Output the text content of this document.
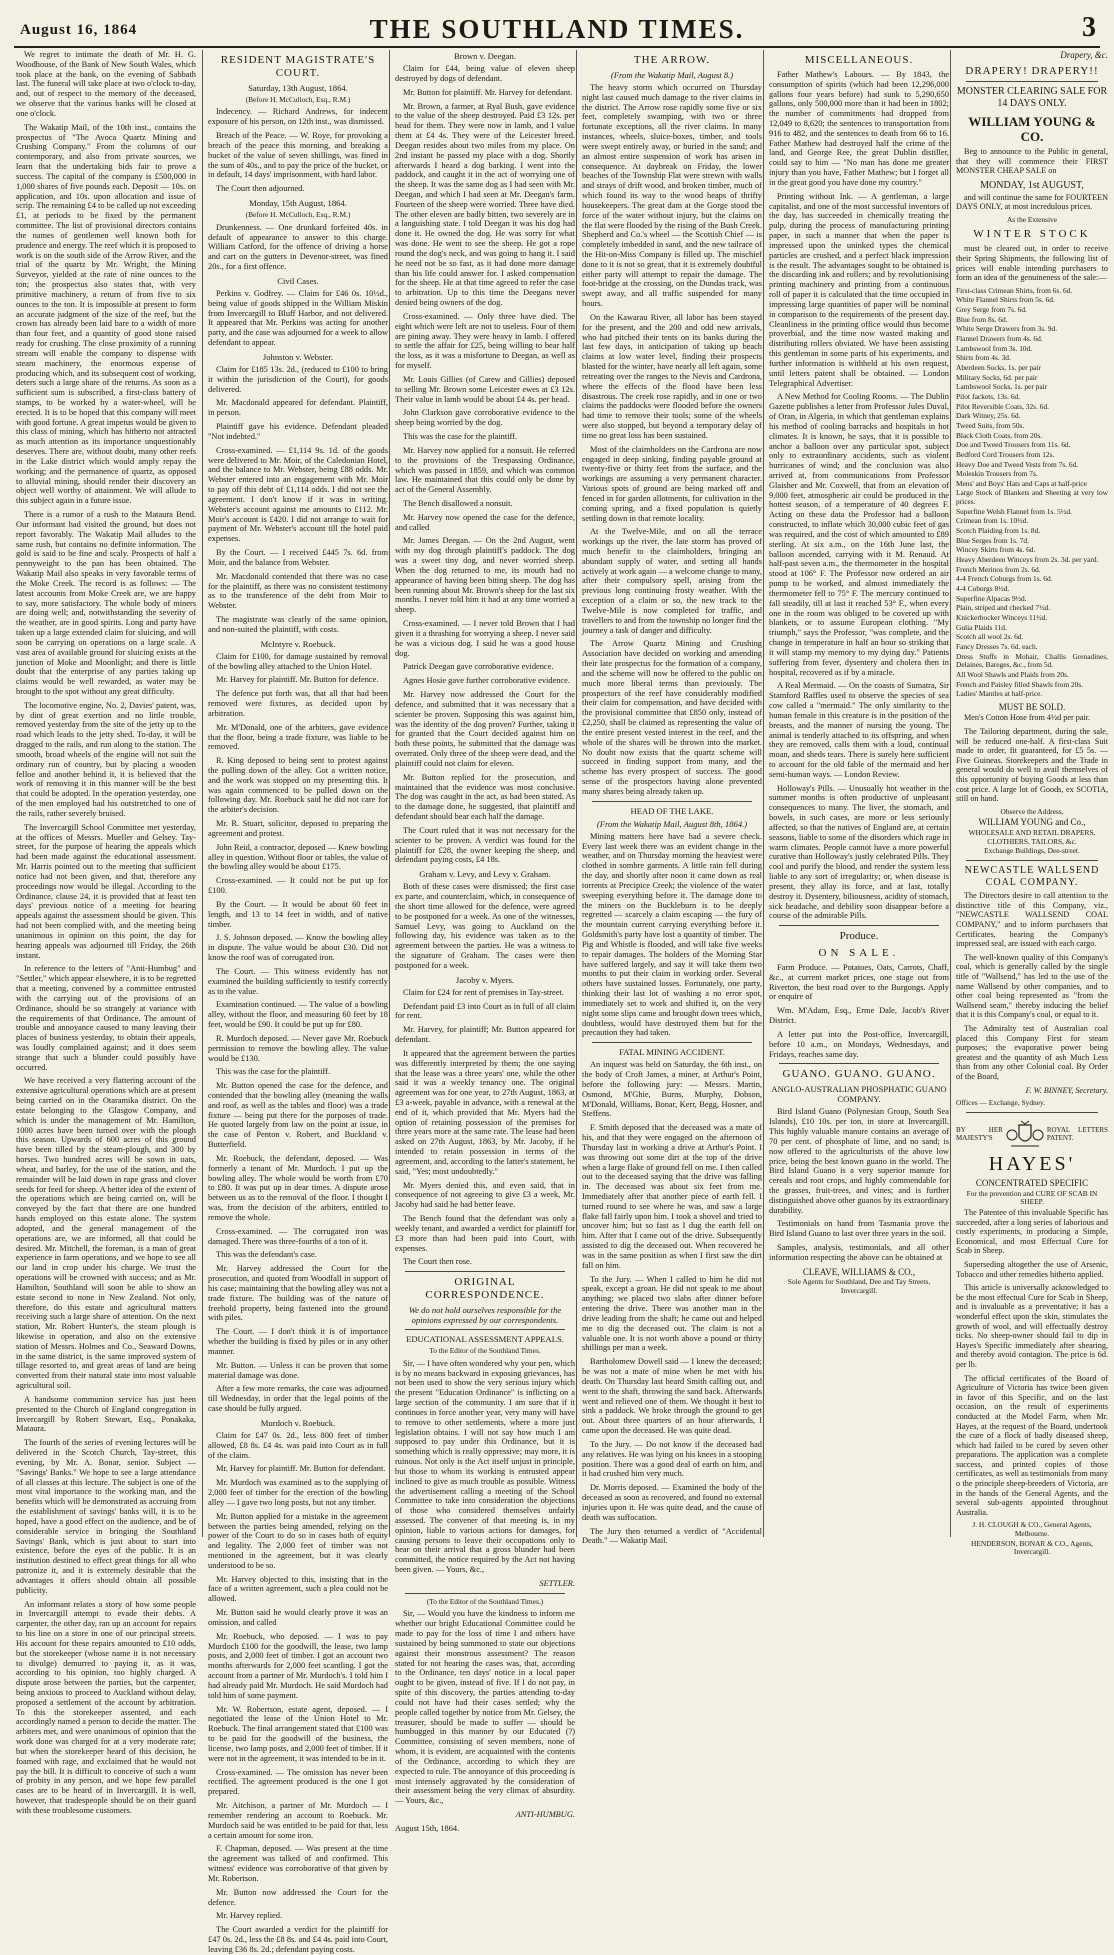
August 16, 1864	THE SOUTHLAND TIMES.	3

We regret to intimate the death of Mr. H. G. Woodhouse, of the Bank of New South Wales, which took place at the bank, on the evening of Sabbath last. The funeral will take place at two o'clock to-day, and, out of respect to the memory of the deceased, we observe that the various banks will be closed at one o'clock.

The Wakatip Mail, of the 10th inst., contains the prospectus of "The Avoca Quartz Mining and Crushing Company." From the columns of our contemporary, and also from private sources, we learn that the undertaking bids fair to prove a success. The capital of the company is £500,000 in 1,000 shares of five pounds each. Deposit — 10s. on application, and 10s. upon allocation and issue of scrip. The remaining £4 to be called up not exceeding £1, at periods to be fixed by the permanent committee. The list of provisional directors contains the names of gentlemen well known both for prudence and energy. The reef which it is proposed to work is on the south side of the Arrow River, and the trial of the quartz by Mr. Wright, the Mining Surveyor, yielded at the rate of nine ounces to the ton; the prospectus also states that, with very primitive machinery, a return of from five to six ounces to the ton. It is impossible at present to form an accurate judgment of the size of the reef, but the crown has already been laid bare to a width of more than four feet, and a quantity of good stone raised ready for crushing. The close proximity of a running stream will enable the company to dispense with steam machinery, the enormous expense of producing which, and its subsequent cost of working, deters such a large share of the returns. As soon as a sufficient sum is subscribed, a first-class battery of stamps, to be worked by a water-wheel, will be erected. It is to be hoped that this company will meet with good fortune. A great impetus would be given to this class of mining, which has hitherto not attracted as much attention as its importance unquestionably deserves. There are, without doubt, many other reefs in the Lake district which would amply repay the working; and the permanence of quartz, as opposed to alluvial mining, should render their discovery an object well worthy of attainment. We will allude to this subject again in a future issue.

There is a rumor of a rush to the Mataura Bend. Our informant had visited the ground, but does not report favorably. The Wakatip Mail alludes to the same rush, but contains no definite information. The gold is said to be fine and scaly. Prospects of half a pennyweight to the pan has been obtained. The Wakatip Mail also speaks in very favorable terms of the Moke Creek. The record is as follows: — The latest accounts from Moke Creek are, we are happy to say, more satisfactory. The whole body of miners are doing well; and, notwithstanding the severity of the weather, are in good spirits. Long and party have taken up a large extended claim for sluicing, and will soon be carrying on operations on a large scale. A vast area of available ground for sluicing exists at the junction of Moke and Moonlight; and there is little doubt that the enterprise of any parties taking up claims would be well rewarded, as water may be brought to the spot without any great difficulty.

The locomotive engine, No. 2, Davies' patent, was, by dint of great exertion and no little trouble, removed yesterday from the site of the jetty up to the road which leads to the jetty shed. To-day, it will be dragged to the rails, and run along to the station. The smooth, broad wheels of the engine will not suit the ordinary run of country, but by placing a wooden felloe and another behind it, it is believed that the work of removing it in this manner will be the best that could be adopted. In the operation yesterday, one of the men employed had his outstretched to one of the rails, rather severely bruised.

The Invercargill School Committee met yesterday, at the offices of Messrs. Mueller and Gelsey. Tay-street, for the purpose of hearing the appeals which had been made against the educational assessment. Mr. Harris pointed out to the meeting that sufficient notice had not been given, and that, therefore any proceedings now would be illegal. According to the Ordinance, clause 24, it is provided that at least ten days' previous notice of a meeting for hearing appeals against the assessment should be given. This had not been complied with, and the meeting being unanimous in opinion on this point, the day for hearing appeals was adjourned till Friday, the 26th instant.

In reference to the letters of "Anti-Humbug" and "Settler," which appear elsewhere, it is to be regretted that a meeting, convened by a committee entrusted with the carrying out of the provisions of an Ordinance, should be so strangely at variance with the requirements of that Ordinance. The amount of trouble and annoyance caused to many leaving their places of business yesterday, to obtain their appeals, was loudly complained against; and it does seem strange that such a blunder could possibly have occurred.

We have received a very flattering account of the extensive agricultural operations which are at present being carried on in the Otaramika district. On the estate belonging to the Glasgow Company, and which is under the management of Mr. Hamilton, 1000 acres have been turned over with the plough this season. Upwards of 600 acres of this ground have been tilled by the steam-plough, and 300 by horses. Two hundred acres will be sown in oats, wheat, and barley, for the use of the station, and the remainder will be laid down in rape grass and clover seeds for feed for sheep. A better idea of the extent of the operations which are being carried on, will be conveyed by the fact that there are one hundred hands employed on this estate alone. The system adopted, and the general management of the operations are, we are informed, all that could be desired. Mr. Mitchell, the foreman, is a man of great experience in farm operations, and we hope to see all our land in crop under his charge. We trust the operations will be crowned with success; and as Mr. Hamilton, Southland will soon be able to show an estate second to none in New Zealand. Not only, therefore, do this estate and agricultural matters receiving such a large share of attention. On the next station, Mr. Robert Hunter's, the steam plough is likewise in operation, and also on the extensive station of Messrs. Holmes and Co., Seaward Downs, in the same district, is the same improved system of tillage resorted to, and great areas of land are being converted from their natural state into most valuable agricultural soil.

A handsome communion service has just been presented to the Church of England congregation in Invercargill by Robert Stewart, Esq., Ponakaka, Mataura.

The fourth of the series of evening lectures will be delivered in the Scotch Church, Tay-street, this evening, by Mr. A. Bonar, senior. Subject — "Savings' Banks." We hope to see a large attendance of all classes at this lecture. The subject is one of the most vital importance to the working man, and the benefits which will be demonstrated as accruing from the establishment of savings' banks will, it is to be hoped, have a good effect on the audience, and be of considerable service in bringing the Southland Savings' Bank, which is just about to start into existence, before the eyes of the public. It is an institution destined to effect great things for all who patronize it, and it is extremely desirable that the advantages it offers should obtain all possible publicity.

An informant relates a story of how some people in Invercargill attempt to evade their debts. A carpenter, the other day, ran up an account for repairs to his line on a store in one of our principal streets. His account for these repairs amounted to £10 odds, but the storekeeper (whose name it is not necessary to divulge) demurred to paying it, as it was, according to his opinion, too highly charged. A dispute arose between the parties, but the carpenter, being anxious to proceed to Auckland without delay, proposed a settlement of the account by arbitration. To this the storekeeper assented, and each accordingly named a person to decide the matter. The arbiters met, and were unanimous of opinion that the work done was charged for at a very moderate rate; but when the storekeeper heard of this decision, he foamed with rage, and exclaimed that he would not pay the bill. It is difficult to conceive of such a want of probity in any person, and we hope few parallel cases are to be heard of in Invercargill. It is well, however, that tradespeople should be on their guard with these troublesome customers.

RESIDENT MAGISTRATE'S COURT.
Saturday, 13th August, 1864.
(Before H. McCulloch, Esq., R.M.)

Indecency. — Richard Andrews, for indecent exposure of his person, on 12th inst., was dismissed.

Breach of the Peace. — W. Roye, for provoking a breach of the peace this morning, and breaking a bucket of the value of seven shillings, was fined in the sum of 40s., and to pay the price of the bucket, or in default, 14 days' imprisonment, with hard labor.

The Court then adjourned.

Monday, 15th August, 1864.
(Before H. McCulloch, Esq., R.M.)

Drunkenness. — One drunkard forfeited 40s. in default of appearance to answer to this charge. William Catford, for the offence of driving a horse and cart on the gutters in Devenor-street, was fined 20s., for a first offence.

Civil Cases.

Perkins v. Godfrey. — Claim for £46 0s. 10½d., being value of goods shipped in the William Miskin from Invercargill to Bluff Harbor, and not delivered. It appeared that Mr. Perkins was acting for another party, and the case was adjourned for a week to allow defendant to appear.

Johnston v. Webster.

Claim for £185 13s. 2d., (reduced to £100 to bring it within the jurisdiction of the Court), for goods delivered.

Mr. Macdonald appeared for defendant. Plaintiff, in person.

Plaintiff gave his evidence. Defendant pleaded "Not indebted."

Cross-examined. — £1,114 9s. 1d. of the goods were delivered to Mr. Moir, of the Caledonian Hotel, and the balance to Mr. Webster, being £88 odds. Mr. Webster entered into an engagement with Mr. Moir to pay off this debt of £1,114 odds. I did not see the agreement. I don't know if it was in writing. Webster's account against me amounts to £112. Mr. Moir's account is £420. I did not arrange to wait for payment of Mr. Webster's account till the hotel paid expenses.

By the Court. — I received £445 7s. 6d. from Moir, and the balance from Webster.

Mr. Macdonald contended that there was no case for the plaintiff, as there was no consistent testimony as to the transference of the debt from Moir to Webster.

The magistrate was clearly of the same opinion, and non-suited the plaintiff, with costs.

McIntyre v. Roebuck.

Claim for £100, for damage sustained by removal of the bowling alley attached to the Union Hotel.

Mr. Harvey for plaintiff. Mr. Button for defence.

The defence put forth was, that all that had been removed were fixtures, as decided upon by arbitration.

Mr. M'Donald, one of the arbiters, gave evidence that the floor, being a trade fixture, was liable to be removed.

R. King deposed to being sent to protest against the pulling down of the alley. Got a written notice, and the work was stopped on my presenting this. It was again commenced to be pulled down on the following day. Mr. Roebuck said he did not care for the arbiter's decision.

Mr. R. Stuart, solicitor, deposed to preparing the agreement and protest.

John Reid, a contractor, deposed — Knew bowling alley in question. Without floor or tables, the value of the bowling alley would be about £175.

Cross-examined. — It could not be put up for £100.

By the Court. — It would be about 60 feet in length, and 13 to 14 feet in width, and of native timber.

J. S. Johnson deposed. — Know the bowling alley in dispute. The value would be about £30. Did not know the roof was of corrugated iron.

The Court. — This witness evidently has not examined the building sufficiently to testify correctly as to the value.

Examination continued. — The value of a bowling alley, without the floor, and measuring 60 feet by 18 feet, would be £90. It could be put up for £80.

R. Murdoch deposed. — Never gave Mr. Roebuck permission to remove the bowling alley. The value would be £130.

This was the case for the plaintiff.

Mr. Button opened the case for the defence, and contended that the bowling alley (meaning the walls and roof, as well as the tables and floor) was a trade fixture — being put there for the purposes of trade. He quoted largely from law on the point at issue, in the case of Penton v. Robert, and Buckland v. Butterfield.

Mr. Roebuck, the defendant, deposed. — Was formerly a tenant of Mr. Murdoch. I put up the bowling alley. The whole would be worth from £70 to £80. It was put up in dear times. A dispute arose between us as to the removal of the floor. I thought I was, from the decision of the arbiters, entitled to remove the whole.

Cross-examined. — The corrugated iron was damaged. There was three-fourths of a ton of it.

This was the defendant's case.

Mr. Harvey addressed the Court for the prosecution, and quoted from Woodfall in support of his case; maintaining that the bowling alley was not a trade fixture. The building was of the nature of freehold property, being fastened into the ground with piles.

The Court. — I don't think it is of importance whether the building is fixed by piles or in any other manner.

Mr. Button. — Unless it can be proven that some material damage was done.

After a few more remarks, the case was adjourned till Wednesday, in order that the legal points of the case should be fully argued.

Murdoch v. Roebuck.

Claim for £47 0s. 2d., less 800 feet of timber allowed, £8 8s. £4 4s. was paid into Court as in full of the claim.

Mr. Harvey for plaintiff. Mr. Button for defendant.

Mr. Murdoch was examined as to the supplying of 2,000 feet of timber for the erection of the bowling alley — I gave two long posts, but not any timber.

Mr. Button applied for a mistake in the agreement between the parties being amended, relying on the power of the Court to do so in cases both of equity and legality. The 2,000 feet of timber was not mentioned in the agreement, but it was clearly understood to be so.

Mr. Harvey objected to this, insisting that in the face of a written agreement, such a plea could not be allowed.

Mr. Button said he would clearly prove it was an omission, and called

Mr. Roebuck, who deposed. — I was to pay Murdoch £100 for the goodwill, the lease, two lamp posts, and 2,000 feet of timber. I got an account two months afterwards for 2,000 feet scantling. I got the account from a partner of Mr. Murdoch's. I told him I had already paid Mr. Murdoch. He said Murdoch had told him of some payment.

Mr. W. Robertson, estate agent, deposed. — I negotiated the lease of the Union Hotel to Mr. Roebuck. The final arrangement stated that £100 was to be paid for the goodwill of the business, the license, two lamp posts, and 2,000 feet of timber. If it were not in the agreement, it was intended to be in it.

Cross-examined. — The omission has never been rectified. The agreement produced is the one I got prepared.

Mr. Aitchison, a partner of Mr. Murdoch — I remember rendering an account to Roebuck. Mr. Murdoch said he was entitled to be paid for that, less a certain amount for some iron.

F. Chapman, deposed. — Was present at the time the agreement was talked of and confirmed. This witness' evidence was corroborative of that given by Mr. Robertson.

Mr. Button now addressed the Court for the defence.

Mr. Harvey replied.

The Court awarded a verdict for the plaintiff for £47 0s. 2d., less the £8 8s. and £4 4s. paid into Court, leaving £36 8s. 2d.; defendant paying costs.

Brown v. Deegan.

Claim for £44, being value of eleven sheep destroyed by dogs of defendant.

Mr. Button for plaintiff. Mr. Harvey for defendant.

Mr. Brown, a farmer, at Ryal Bush, gave evidence to the value of the sheep destroyed. Paid £3 12s. per head for them. They were now in lamb, and I value them at £4 4s. They were of the Leicester breed. Deegan resides about two miles from my place. On 2nd instant he passed my place with a dog. Shortly afterwards I heard a dog barking. I went into the paddock, and caught it in the act of worrying one of the sheep. It was the same dog as I had seen with Mr. Deegan, and which I had seen at Mr. Deegan's farm. Fourteen of the sheep were worried. Three have died. The other eleven are badly bitten, two severely are in a languishing state. I told Deegan it was his dog had done it. He owned the dog. He was sorry for what was done. He went to see the sheep. He got a rope round the dog's neck, and was going to hang it. I said he need not be so fast, as it had done more damage than his life could answer for. I asked compensation for the sheep. He at that time agreed to refer the case to arbitration. Up to this time the Deegans never denied being owners of the dog.

Cross-examined. — Only three have died. The eight which were left are not to useless. Four of them are pining away. They were heavy in lamb. I offered to settle the affair for £25, being willing to bear half the loss, as it was a misfortune to Deegan, as well as for myself.

Mr. Louis Gillies (of Carew and Gillies) deposed to selling Mr. Brown some Leicester ewes at £3 12s. Their value in lamb would be about £4 4s. per head.

John Clarkson gave corroborative evidence to the sheep being worried by the dog.

This was the case for the plaintiff.

Mr. Harvey now applied for a nonsuit. He referred to the provisions of the Trespassing Ordinance, which was passed in 1859, and which was common law. He maintained that this could only be done by act of the General Assembly.

The Bench disallowed a nonsuit.

Mr. Harvey now opened the case for the defence, and called

Mr. James Deegan. — On the 2nd August, went with my dog through plaintiff's paddock. The dog was a sweet tiny dog, and never worried sheep. When the dog returned to me, its mouth had no appearance of having been biting sheep. The dog has been running about Mr. Brown's sheep for the last six months. I never told him it had at any time worried a sheep.

Cross-examined. — I never told Brown that I had given it a thrashing for worrying a sheep. I never said he was a vicious dog. I said he was a good house dog.

Patrick Deegan gave corroborative evidence.

Agnes Hosie gave further corroborative evidence.

Mr. Harvey now addressed the Court for the defence, and submitted that it was necessary that a scienter be proven. Supposing this was against him, was the identity of the dog proven? Further, taking it for granted that the Court decided against him on both these points, he submitted that the damage was overrated. Only three of the sheep were dead, and the plaintiff could not claim for eleven.

Mr. Button replied for the prosecution, and maintained that the evidence was most conclusive. The dog was caught in the act, as had been stated. As to the damage done, he suggested, that plaintiff and defendant should bear each half the damage.

The Court ruled that it was not necessary for the scienter to be proven. A verdict was found for the plaintiff for £28, the owner keeping the sheep, and defendant paying costs, £4 18s.

Graham v. Levy, and Levy v. Graham.

Both of these cases were dismissed; the first case ex parte, and counterclaim, which, in consequence of the short time allowed for the defence, were agreed to be postponed for a week. As one of the witnesses, Samuel Levy, was going to Auckland on the following day, his evidence was taken as to the agreement between the parties. He was a witness to the signature of Graham. The cases were then postponed for a week.

Jacoby v. Myers.

Claim for £24 for rent of premises in Tay-street.

Defendant paid £3 into Court as in full of all claim for rent.

Mr. Harvey, for plaintiff; Mr. Button appeared for defendant.

It appeared that the agreement between the parties was differently interpreted by them; the one saying that the lease was a three years' one, while the other said it was a weekly tenancy one. The original agreement was for one year, to 27th August, 1863, at £3 a-week, payable in advance, with a renewal at the end of it, which provided that Mr. Myers had the option of retaining possession of the premises for three years more at the same rate. The lease had been asked on 27th August, 1863, by Mr. Jacoby, if he intended to retain possession in terms of the agreement, and, according to the latter's statement, he said, "Yes; most undoubtedly."

Mr. Myers denied this, and even said, that in consequence of not agreeing to give £3 a week, Mr. Jacoby had said he had better leave.

The Bench found that the defendant was only a weekly tenant, and awarded a verdict for plaintiff for £3 more than had been paid into Court, with expenses.

The Court then rose.

ORIGINAL CORRESPONDENCE.
We do not hold ourselves responsible for the opinions expressed by our correspondents.
EDUCATIONAL ASSESSMENT APPEALS.
To the Editor of the Southland Times.

Sir, — I have often wondered why your pen, which is by no means backward in exposing grievances, has not been used to show the very serious injury which the present "Education Ordinance" is inflicting on a large section of the community. I am sure that if it continues in force another year, very many will have to remove to other settlements, where a more just legislation obtains. I will not say how much I am supposed to pay under this Ordinance, but it is something which is really oppressive; may more, it is ruinous. Not only is the Act itself unjust in principle, but those to whom its working is entrusted appear inclined to give as much trouble as possible. Witness the advertisement calling a meeting of the School Committee to take into consideration the objections of those who considered themselves unfairly assessed. The convener of that meeting is, in my opinion, liable to various actions for damages, for causing persons to leave their occupations only to hear on their arrival that a gross blunder had been committed, the notice required by the Act not having been given. — Yours, &c.,

SETTLER.
(To the Editor of the Southland Times.)

Sir, — Would you have the kindness to inform me whether our bright Educational Committee could be made to pay for the loss of time I and others have sustained by being summoned to state our objections against their monstrous assessment? The reason stated for not hearing the cases was, that, according to the Ordinance, ten days' notice in a local paper ought to be given, instead of five. If I do not pay, in spite of this discovery, the parties attending to-day could not have had their cases settled; why the people called together by notice from Mr. Gelsey, the treasurer, should be made to suffer — should be humbugged in this manner by our Educated (?) Committee, consisting of seven members, none of whom, it is evident, are acquainted with the contents of the Ordinance, according to which they are expected to rule. The annoyance of this proceeding is most intensely aggravated by the consideration of their assessment being the very climax of absurdity. — Yours, &c.,

ANTI-HUMBUG.
August 15th, 1864.
THE ARROW.
(From the Wakatip Mail, August 8.)

The heavy storm which occurred on Thursday night last caused much damage to the river claims in the district. The Arrow rose rapidly some five or six feet, completely swamping, with two or three fortunate exceptions, all the river claims. In many instances, wheels, sluice-boxes, timber, and tools were swept entirely away, or buried in the sand; and an almost entire suspension of work has arisen in consequence. At daybreak on Friday, the lower beaches of the Township Flat were strewn with walls and strays of drift wood, and broken timber, much of which found its way to the wood heaps of thrifty housekeepers. The great dam at the Gorge stood the force of the water without injury, but the claims on the flat were flooded by the rising of the Bush Creek. Shepherd and Co.'s wheel — the Scottish Chief — is completely imbedded in sand, and the new tailrace of the Hit-on-Miss Company is filled up. The mischief done to it is not so great, that it is extremely doubtful either party will attempt to repair the damage. The foot-bridge at the crossing, on the Dundas track, was swept away, and all traffic suspended for many hours.

On the Kawarau River, all labor has been stayed for the present, and the 200 and odd new arrivals, who had pitched their tents on its banks during the last few days, in anticipation of taking up beach claims at low water level, finding their prospects blasted for the winter, have nearly all left again, some retreating over the ranges to the Nevis and Cardrona, where the effects of the flood have been less disastrous. The creek rose rapidly, and in one or two claims the paddocks were flooded before the owners had time to remove their tools; some of the wheels were also stopped, but beyond a temporary delay of time no great loss has been sustained.

Most of the claimholders on the Cardrona are now engaged in deep sinking, finding payable ground at twenty-five or thirty feet from the surface, and the workings are assuming a very permanent character. Various spots of ground are being marked off and fenced in for garden allotments, for cultivation in the coming spring, and a fixed population is quietly settling down in that remote locality.

At the Twelve-Mile, and on all the terrace workings up the river, the late storm has proved of much benefit to the claimholders, bringing an abundant supply of water, and setting all hands actively at work again — a welcome change to many, after their compulsory spell, arising from the previous long continuing frosty weather. With the exception of a claim or so, the new track to the Twelve-Mile is now completed for traffic, and travellers to and from the township no longer find the journey a task of danger and difficulty.

The Arrow Quartz Mining and Crushing Association have decided on working and amending their late prospectus for the formation of a company, and the scheme will now be offered to the public on much more liberal terms than previously. The prospectors of the reef have considerably modified their claim for compensation, and have decided with the provisional committee that £850 only, instead of £2,250, shall be claimed as representing the value of the entire present vested interest in the reef, and the whole of the shares will be thrown into the market. No doubt now exists that the quartz scheme will succeed in finding support from many, and the scheme has every prospect of success. The good sense of the prospectors having alone prevented many shares being already taken up.

HEAD OF THE LAKE.
(From the Wakatip Mail, August 8th, 1864.)

Mining matters here have had a severe check. Every last week there was an evident change in the weather, and on Thursday morning the heaviest were clothed in sombre garments. A little rain fell during the day, and shortly after noon it came down as real torrents at Precipice Creek; the violence of the water sweeping everything before it. The damage done to the miners on the Buckleburn is to be deeply regretted — scarcely a claim escaping — the fury of the mountain current carrying everything before it. Goldsmith's party have lost a quantity of timber. The Pig and Whistle is flooded, and will take five weeks to repair damages. The holders of the Morning Star have suffered largely, and say it will take them two months to put their claim in working order. Several others have sustained losses. Fortunately, one party, thinking their last lot of washing a no error spot, immediately set to work and shifted it, on the very night some slips came and brought down trees which, doubtless, would have destroyed them but for the precaution they had taken.

FATAL MINING ACCIDENT.

An inquest was held on Saturday, the 6th inst., on the body of Croft James, a miner, at Arthur's Point, before the following jury: — Messrs. Martin, Osmond, M'Ghie, Burns, Murphy, Dobson, M'Donald, Williams, Bonar, Kerr, Begg, Hosner, and Steffens.

F. Smith deposed that the deceased was a mate of his, and that they were engaged on the afternoon of Thursday last in working a drive at Arthur's Point. I was throwing out some dirt at the top of the drive when a large flake of ground fell on me. I then called out to the deceased saying that the drive was falling in. The deceased was about six feet from me. Immediately after that another piece of earth fell. I turned round to see where he was, and saw a large flake fall fairly upon him. I took a shovel and tried to uncover him; but so fast as I dug the earth fell on him. After that I came out of the drive. Subsequently assisted to dig the deceased out. When recovered he was in the same position as when I first saw the dirt fall on him.

To the Jury. — When I called to him he did not speak, except a groan. He did not speak to me about anything; we placed two slabs after dinner before entering the drive. There was another man in the drive leading from the shaft; he came out and helped me to dig the deceased out. The claim is not a valuable one. It is not worth above a pound or thirty shillings per man a week.

Bartholomew Dowell said — I knew the deceased; he was not a mate of mine when he met with his death. On Thursday last heard Smith calling out, and went to the shaft, throwing the sand back. Afterwards went and relieved one of them. We thought it best to sink a paddock. We broke through the ground to get out. About three quarters of an hour afterwards, I came upon the deceased. He was quite dead.

To the Jury. — Do not know if the deceased had any relatives. He was lying on his knees in a stooping position. There was a good deal of earth on him, and it had crushed him very much.

Dr. Morris deposed. — Examined the body of the deceased as soon as recovered, and found no external injuries upon it. He was quite dead, and the cause of death was suffocation.

The Jury then returned a verdict of "Accidental Death." — Wakatip Mail.

MISCELLANEOUS.

Father Mathew's Labours. — By 1843, the consumption of spirits (which had been 12,296,000 gallons four years before) had sunk to 5,290,650 gallons, only 500,000 more than it had been in 1802; the number of commitments had dropped from 12,049 to 8,620; the sentences to transportation from 916 to 482, and the sentences to death from 66 to 16. Father Mathew had destroyed half the crime of the land, and George Ree, the great Dublin distiller, could say to him — "No man has done me greater injury than you have, Father Mathew; but I forget all in the great good you have done my country."

Printing without Ink. — A gentleman, a large capitalist, and one of the most successful inventors of the day, has succeeded in chemically treating the pulp, during the process of manufacturing printing paper, in such a manner that when the paper is impressed upon the uninked types the chemical particles are crushed, and a perfect black impression is the result. The advantages sought to be obtained is the discarding ink and rollers; and by revolutionising printing machinery and printing from a continuous roll of paper it is calculated that the time occupied in impressing large quantities of paper will be nominal in comparison to the requirements of the present day. Cleanliness in the printing office would thus become proverbial, and the time now wasted making and distributing rollers obviated. We have been assisting this gentleman in some parts of his experiments, and further information is withheld at his own request, until letters patent shall be obtained. — London Telegraphical Advertiser.

A New Method for Cooling Rooms. — The Dublin Gazette publishes a letter from Professor Jules Duval, of Oran, in Algeria, in which that gentleman explains his method of cooling barracks and hospitals in hot climates. It is known, he says, that it is possible to anchor a balloon over any particular spot, subject only to extraordinary accidents, such as violent hurricanes of wind; and the conclusion was also arrived at, from communications from Professor Glaisher and Mr. Coxwell, that from an elevation of 9,000 feet, atmospheric air could be produced in the hottest season, of a temperature of 40 degrees F. Acting on these data the Professor had a balloon constructed, to inflate which 30,000 cubic feet of gas was required, and the cost of which amounted to £89 sterling. At six a.m., on the 16th June last, the balloon ascended, carrying with it M. Renaud. At half-past seven a.m., the thermometer in the hospital stood at 106° F. The Professor now ordered an air pump to be worked, and almost immediately the thermometer fell to 75° F. The mercury continued to fall steadily, till at last it reached 53° F., when every one in the room was obliged to be covered up with blankets, or to assume European clothing. "My triumph," says the Professor, "was complete, and the change in temperature in half an hour so striking that it will stamp my memory to my dying day." Patients suffering from fever, dysentery and cholera then in hospital, recovered as if by a miracle.

A Real Mermaid. — On the coasts of Sumatra, Sir Stamford Raffles used to observe the species of sea cow called a "mermaid." The only similarity to the human female in this creature is in the position of the breasts, and the manner of nursing the young. The animal is tenderly attached to its offspring, and when they are removed, calls them with a loud, continual moan, and sheds tears. There is surely here sufficient to account for the old fable of the mermaid and her semi-human ways. — London Review.

Holloway's Pills. — Unusually hot weather in the summer months is often productive of unpleasant consequences to many. The liver, the stomach, and bowels, in such cases, are more or less seriously affected, so that the natives of England are, at certain seasons, liable to some of the disorders which rage in warm climates. People cannot have a more powerful curative than Holloway's justly celebrated Pills. They cool and purify the blood, and render the system less liable to any sort of irregularity; or, when disease is present, they allay its force, and at last, totally destroy it. Dysentery, biliousness, acidity of stomach, sick headache, and debility soon disappear before a course of the admirable Pills.

Produce.
ON SALE.

Farm Produce. — Potatoes, Oats, Carrots, Chaff, &c., at current market prices, one stage out from Riverton, the best road over to the Burgongs. Apply or enquire of

Wm. M'Adam, Esq., Erme Dale, Jacob's River District.

A letter put into the Post-office, Invercargill, before 10 a.m., on Mondays, Wednesdays, and Fridays, reaches same day.

GUANO. GUANO. GUANO.
ANGLO-AUSTRALIAN PHOSPHATIC GUANO COMPANY.

Bird Island Guano (Polynesian Group, South Sea Islands), £10 10s. per ton, in store at Invercargill. This highly valuable manure contains an average of 70 per cent. of phosphate of lime, and no sand; is now offered to the agriculturists of the above low price, being the best known guano in the world. The Bird Island Guano is a very superior manure for cereals and root crops, and highly commendable for the grasses, fruit-trees, and vines; and is further distinguished above other guanos by its extraordinary durability.

Testimonials on hand from Tasmania prove the Bird Island Guano to last over three years in the soil.

Samples, analysis, testimonials, and all other information respecting the above can be obtained at

CLEAVE, WILLIAMS & CO.,
Sole Agents for Southland, Dee and Tay Streets, Invercargill.
Drapery, &c.
DRAPERY! DRAPERY!!
MONSTER CLEARING SALE FOR 14 DAYS ONLY.
WILLIAM YOUNG & CO.
Beg to announce to the Public in general, that they will commence their FIRST MONSTER CHEAP SALE on
MONDAY, 1st AUGUST,
and will continue the same for FOURTEEN DAYS ONLY, at most incredulous prices.
As the Extensive
WINTER STOCK
must be cleared out, in order to receive their Spring Shipments, the following list of prices will enable intending purchasers to form an idea of the genuineness of the sale:—
First-class Crimean Shirts, from 6s. 6d.
White Flannel Shirts from 5s. 6d.
Grey Serge from 7s. 6d.
Blue from 8s. 6d.
White Serge Drawers from 3s. 9d.
Flannel Drawers from 4s. 6d.
Lambswool from 3s. 10d.
Shirts from 4s. 3d.
Aberdeen Socks, 1s. per pair
Military Socks, 6d. per pair
Lambswool Socks, 1s. per pair
Pilot Jackets, 13s. 6d.
Pilot Reversible Coats, 32s. 6d.
Dark Witney, 25s. 6d.
Tweed Suits, from 50s.
Black Cloth Coats, from 20s.
Doe and Tweed Trousers from 11s. 6d.
Bedford Cord Trousers from 12s.
Heavy Doe and Tweed Vests from 7s. 6d.
Moleskin Trousers from 7s.
Mens' and Boys' Hats and Caps at half-price
Large Stock of Blankets and Sheeting at very low prices.
Superfine Welsh Flannel from 1s. 5½d.
Crimean from 1s. 10½d.
Scotch Plaiding from 1s. 8d.
Blue Serges from 1s. 7d.
Wincey Skirts from 4s. 6d.
Heavy Aberdeen Winceys from 2s. 3d. per yard.
French Merinos from 2s. 6d.
4-4 French Coburgs from 1s. 6d.
4-4 Coburgs 8½d.
Superfine Alpacas 9½d.
Plain, striped and checked 7½d.
Knickerbocker Winceys 11½d.
Gulia Plaids 11d.
Scotch all wool 2s. 6d.
Fancy Dresses 7s. 6d. each.
Dress Stuffs in Mohair, Challis Grenadines, Delaines, Bareges, &c., from 5d.
All Wool Shawls and Plaids from 20s.
French and Paisley filled Shawls from 20s.
Ladies' Mantles at half-price.
MUST BE SOLD.
Men's Cotton Hose from 4½d per pair.
The Tailoring department, during the sale, will be reduced one-half. A first-class Suit made to order, fit guaranteed, for £5 5s. — Five Guineas. Storekeepers and the Trade in general would do well to avail themselves of this opportunity of buying Goods at less than cost price. A large lot of Goods, ex SCOTIA, still on hand.
Observe the Address,
WILLIAM YOUNG and Co.,
WHOLESALE AND RETAIL DRAPERS, CLOTHIERS, TAILORS, &c.
Exchange Buildings, Dee-street.
NEWCASTLE WALLSEND COAL COMPANY.

The Directors desire to call attention to the distinctive title of this Company, viz., "NEWCASTLE WALLSEND COAL COMPANY," and to inform purchasers that Certificates, bearing the Company's impressed seal, are issued with each cargo.

The well-known quality of this Company's coal, which is generally called by the single title of "Wallsend," has led to the use of the name Wallsend by other companies, and to other coal being represented as "from the Wallsend seam," thereby inducing the belief that it is this Company's coal, or equal to it.

The Admiralty test of Australian coal placed this Company First for steam purposes; the evaporative power being greatest and the quantity of ash Much Less than from any other Colonial coal. By Order of the Board,

F. W. BINNEY, Secretary.
Offices — Exchange, Sydney.
BY HER MAJESTY'S
ROYAL LETTERS PATENT.
HAYES'
CONCENTRATED SPECIFIC
For the prevention and CURE OF SCAB IN SHEEP.

The Patentee of this invaluable Specific has succeeded, after a long series of laborious and costly experiments, in producing a Simple, Economical, and most Effectual Cure for Scab in Sheep.

Superseding altogether the use of Arsenic, Tobacco and other remedies hitherto applied.

This article is universally acknowledged to be the most effectual Cure for Scab in Sheep, and is invaluable as a preventative; it has a wonderful effect upon the skin, stimulates the growth of wool, and will effectually destroy ticks. No sheep-owner should fail to dip in Hayes's Specific immediately after shearing, and thereby avoid contagion. The price is 6d. per lb.

The official certificates of the Board of Agriculture of Victoria has twice been given in favor of this Specific, and on the last occasion, on the result of experiments conducted at the Model Farm, when Mr. Hayes, at the request of the Board, undertook the cure of a flock of badly diseased sheep, which had failed to be cured by seven other preparations. The application was a complete success, and printed copies of those certificates, as well as testimonials from many o the principle sheep-breeders of Victoria, are in the hands of the General Agents, and the several sub-agents appointed throughout Australia.

J. H. CLOUGH & CO., General Agents, Melbourne.
HENDERSON, BONAR & CO., Agents, Invercargill.
